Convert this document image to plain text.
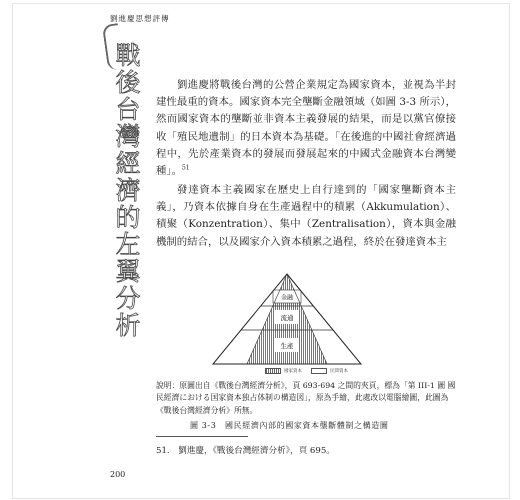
劉進慶思想評傳
戰後台灣經濟的左翼分析	劉進慶將戰後台灣的公營企業規定為國家資本，並視為半封建性最重的資本。國家資本完全壟斷金融領域（如圖 3-3 所示），然而國家資本的壟斷並非資本主義發展的結果，而是以黨官僚接收「殖民地遺制」的日本資本為基礎。「在後進的中國社會經濟過程中，先於產業資本的發展而發展起來的中國式金融資本台灣變種」。$^{51}$

發達資本主義國家在歷史上自行達到的「國家壟斷資本主義」，乃資本依據自身在生產過程中的積累（Akkumulation）、積聚（Konzentration）、集中（Zentralisation），資本與金融機制的結合，以及國家介入資本積累之過程，終於在發達資本主

金融
流通
生產
國家資本	民間資本

說明：原圖出自《戰後台灣經濟分析》，頁 693-694 之間的夾頁，標為「第 III-1 圖 國民經濟における国家資本独占体制の構造図」，原為手繪，此處改以電腦繪圖，此圖為《戰後台灣經濟分析》所無。

圖 3-3　國民經濟內部的國家資本壟斷體制之構造圖
51.　劉進慶，《戰後台灣經濟分析》，頁 695。
200
